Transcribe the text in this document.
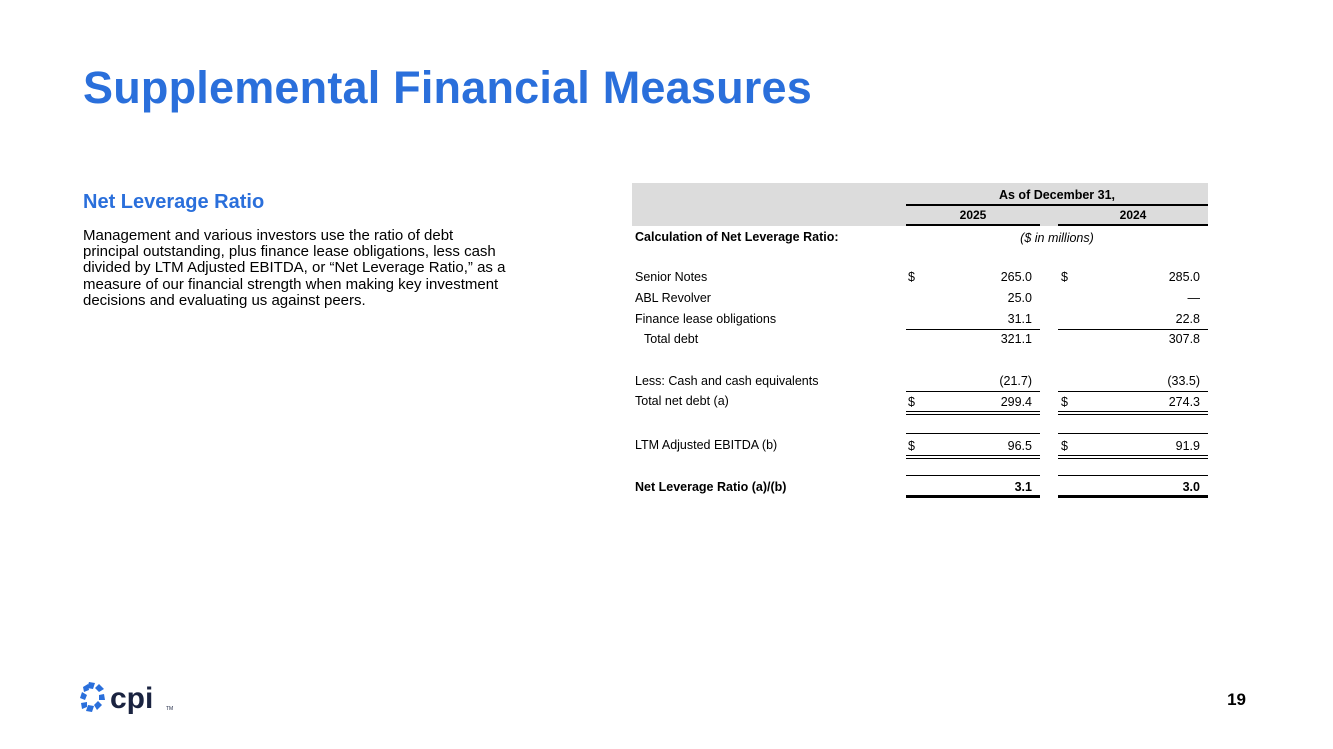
Supplemental Financial Measures
Net Leverage Ratio

Management and various investors use the ratio of debt principal outstanding, plus finance lease obligations, less cash divided by LTM Adjusted EBITDA, or “Net Leverage Ratio,” as a measure of our financial strength when making key investment decisions and evaluating us against peers.

As of December 31,
2025	2024
Calculation of Net Leverage Ratio:	($ in millions)
Senior Notes	$	265.0 $	285.0
ABL Revolver	25.0	—
Finance lease obligations	31.1	22.8
Total debt	321.1	307.8
Less: Cash and cash equivalents	(21.7)	(33.5)
Total net debt (a)	$	299.4 $	274.3
LTM Adjusted EBITDA (b)	$	96.5 $	91.9
Net Leverage Ratio (a)/(b)	3.1	3.0
cpi	TM	19
